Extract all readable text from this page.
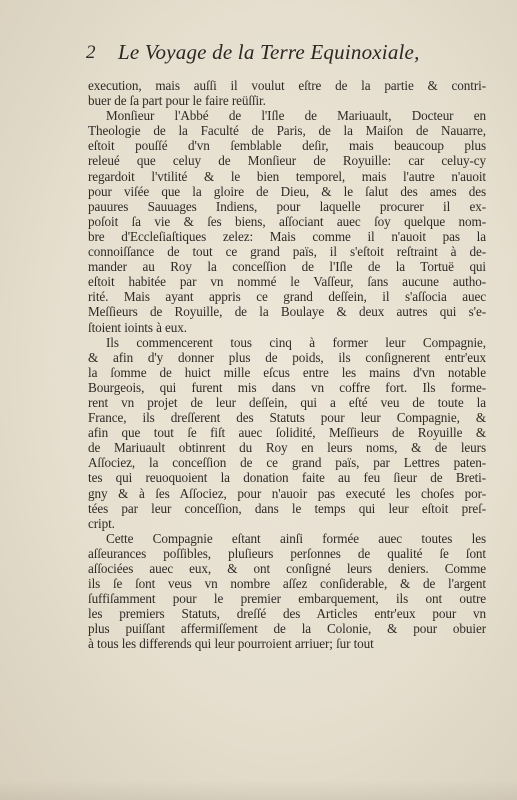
2 Le Voyage de la Terre Equinoxiale,
execution, mais auſſi il voulut eſtre de la partie & contri-
buer de ſa part pour le faire reüſſir.
Monſieur l'Abbé de l'Iſle de Mariuault, Docteur en
Theologie de la Faculté de Paris, de la Maiſon de Nauarre,
eſtoit pouſſé d'vn ſemblable deſir, mais beaucoup plus
releué que celuy de Monſieur de Royuille: car celuy-cy
regardoit l'vtilité & le bien temporel, mais l'autre n'auoit
pour viſée que la gloire de Dieu, & le ſalut des ames des
pauures Sauuages Indiens, pour laquelle procurer il ex-
poſoit ſa vie & ſes biens, aſſociant auec ſoy quelque nom-
bre d'Eccleſiaſtiques zelez: Mais comme il n'auoit pas la
connoiſſance de tout ce grand païs, il s'eſtoit reſtraint à de-
mander au Roy la conceſſion de l'Iſle de la Tortuë qui
eſtoit habitée par vn nommé le Vaſſeur, ſans aucune autho-
rité. Mais ayant appris ce grand deſſein, il s'aſſocia auec
Meſſieurs de Royuille, de la Boulaye & deux autres qui s'e-
ſtoient ioints à eux.
Ils commencerent tous cinq à former leur Compagnie,
& afin d'y donner plus de poids, ils conſignerent entr'eux
la ſomme de huict mille eſcus entre les mains d'vn notable
Bourgeois, qui furent mis dans vn coffre fort. Ils forme-
rent vn projet de leur deſſein, qui a eſté veu de toute la
France, ils dreſſerent des Statuts pour leur Compagnie, &
afin que tout ſe fiſt auec ſolidité, Meſſieurs de Royuille &
de Mariuault obtinrent du Roy en leurs noms, & de leurs
Aſſociez, la conceſſion de ce grand païs, par Lettres paten-
tes qui reuoquoient la donation faite au feu ſieur de Breti-
gny & à ſes Aſſociez, pour n'auoir pas executé les choſes por-
tées par leur conceſſion, dans le temps qui leur eſtoit preſ-
cript.
Cette Compagnie eſtant ainſi formée auec toutes les
aſſeurances poſſibles, pluſieurs perſonnes de qualité ſe ſont
aſſociées auec eux, & ont conſigné leurs deniers. Comme
ils ſe ſont veus vn nombre aſſez conſiderable, & de l'argent
ſuffiſamment pour le premier embarquement, ils ont outre
les premiers Statuts, dreſſé des Articles entr'eux pour vn
plus puiſſant affermiſſement de la Colonie, & pour obuier
à tous les differends qui leur pourroient arriuer; ſur tout
